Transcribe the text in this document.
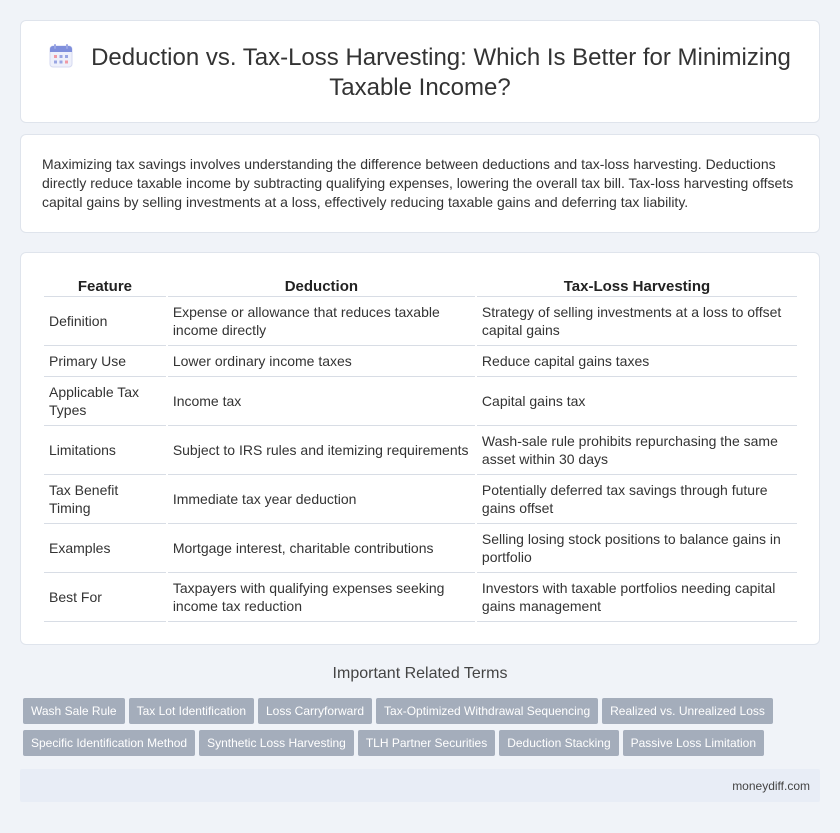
Deduction vs. Tax-Loss Harvesting: Which Is Better for Minimizing Taxable Income?

Maximizing tax savings involves understanding the difference between deductions and tax-loss harvesting. Deductions directly reduce taxable income by subtracting qualifying expenses, lowering the overall tax bill. Tax-loss harvesting offsets capital gains by selling investments at a loss, effectively reducing taxable gains and deferring tax liability.

Feature	Deduction	Tax-Loss Harvesting
Definition	Expense or allowance that reduces taxable income directly	Strategy of selling investments at a loss to offset capital gains
Primary Use	Lower ordinary income taxes	Reduce capital gains taxes
Applicable Tax Types	Income tax	Capital gains tax
Limitations	Subject to IRS rules and itemizing requirements	Wash-sale rule prohibits repurchasing the same asset within 30 days
Tax Benefit Timing	Immediate tax year deduction	Potentially deferred tax savings through future gains offset
Examples	Mortgage interest, charitable contributions	Selling losing stock positions to balance gains in portfolio
Best For	Taxpayers with qualifying expenses seeking income tax reduction	Investors with taxable portfolios needing capital gains management
Important Related Terms
Wash Sale Rule Tax Lot Identification Loss Carryforward Tax-Optimized Withdrawal Sequencing Realized vs. Unrealized Loss
Specific Identification Method Synthetic Loss Harvesting TLH Partner Securities Deduction Stacking Passive Loss Limitation
moneydiff.com
